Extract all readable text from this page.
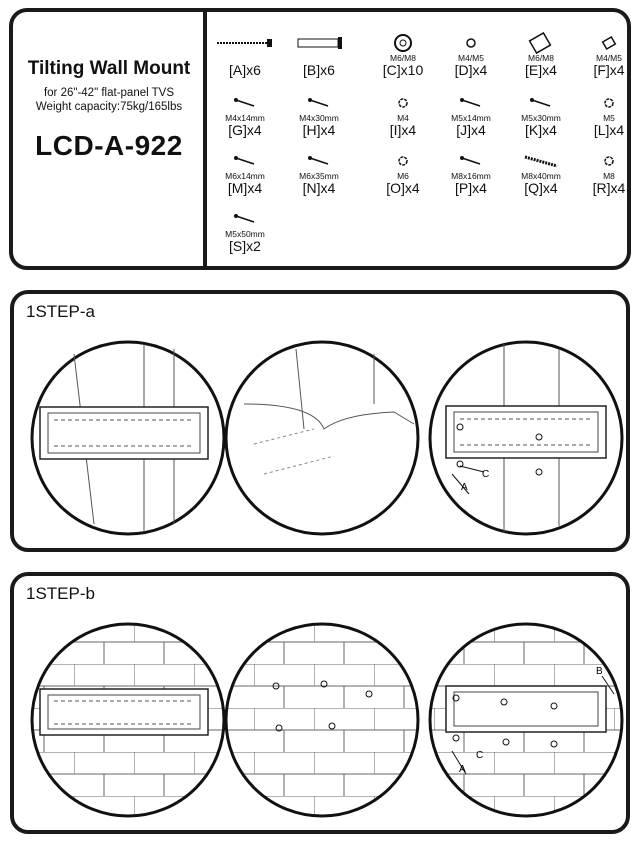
Tilting Wall Mount
for 26"-42" flat-panel TVS
Weight capacity:75kg/165lbs
LCD-A-922
[A]x6	[B]x6
M6/M8
[C]x10
M4/M5
[D]x4
M6/M8
[E]x4
M4/M5
[F]x4
M4x14mm
[G]x4
M4x30mm
[H]x4
M4
[I]x4
M5x14mm
[J]x4
M5x30mm
[K]x4
M5
[L]x4
M6x14mm
[M]x4
M6x35mm
[N]x4
M6
[O]x4
M8x16mm
[P]x4
M8x40mm
[Q]x4
M8
[R]x4
M5x50mm
[S]x2
1STEP-a
A
C
1STEP-b
B
A
C
